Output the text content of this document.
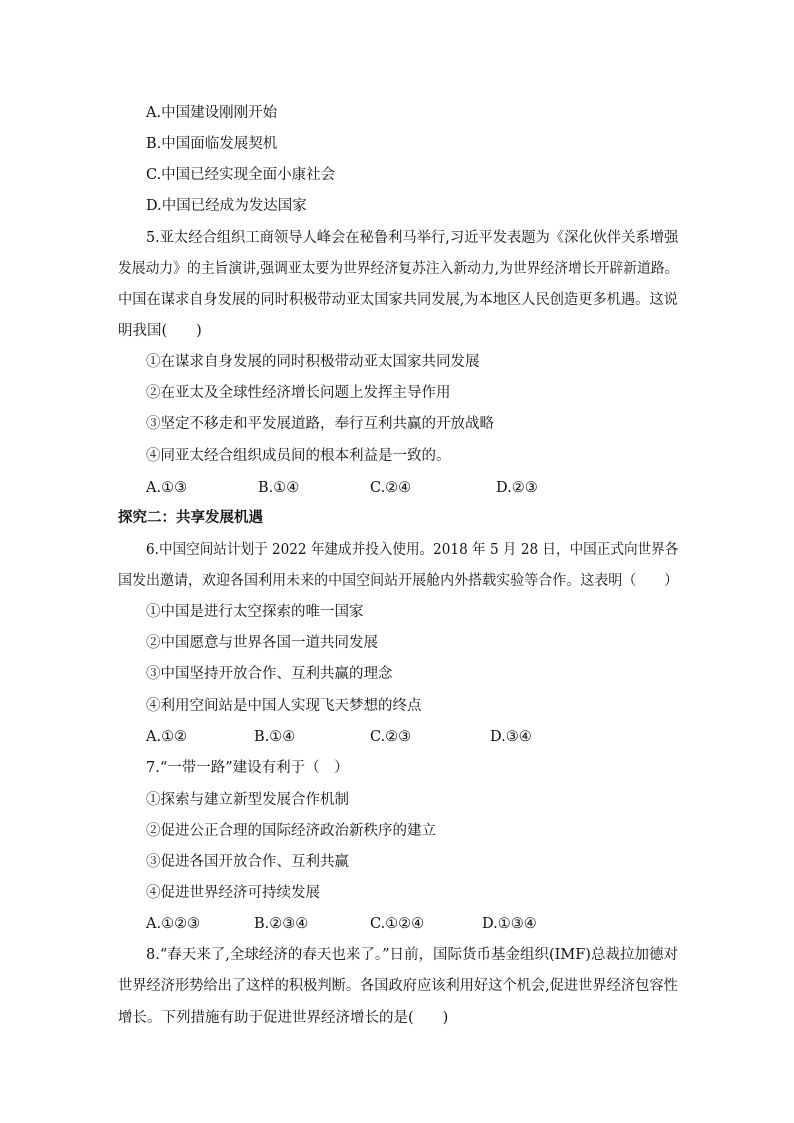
A.中国建设刚刚开始
B.中国面临发展契机
C.中国已经实现全面小康社会
D.中国已经成为发达国家
5.亚太经合组织工商领导人峰会在秘鲁利马举行,习近平发表题为《深化伙伴关系增强
发展动力》的主旨演讲,强调亚太要为世界经济复苏注入新动力,为世界经济增长开辟新道路。
中国在谋求自身发展的同时积极带动亚太国家共同发展,为本地区人民创造更多机遇。这说
明我国(　　)
①在谋求自身发展的同时积极带动亚太国家共同发展
②在亚太及全球性经济增长问题上发挥主导作用
③坚定不移走和平发展道路，奉行互利共赢的开放战略
④同亚太经合组织成员间的根本利益是一致的。
A.①③	B.①④	C.②④	D.②③
探究二：共享发展机遇
6.中国空间站计划于 2022 年建成并投入使用。2018 年 5 月 28 日，中国正式向世界各
国发出邀请，欢迎各国利用未来的中国空间站开展舱内外搭载实验等合作。这表明（　　）
①中国是进行太空探索的唯一国家
②中国愿意与世界各国一道共同发展
③中国坚持开放合作、互利共赢的理念
④利用空间站是中国人实现飞天梦想的终点
A.①②	B.①④	C.②③	D.③④
7.“一带一路”建设有利于（　）
①探索与建立新型发展合作机制
②促进公正合理的国际经济政治新秩序的建立
③促进各国开放合作、互利共赢
④促进世界经济可持续发展
A.①②③	B.②③④	C.①②④	D.①③④
8.“春天来了,全球经济的春天也来了。”日前，国际货币基金组织(IMF)总裁拉加德对
世界经济形势给出了这样的积极判断。各国政府应该利用好这个机会,促进世界经济包容性
增长。下列措施有助于促进世界经济增长的是(　　)
